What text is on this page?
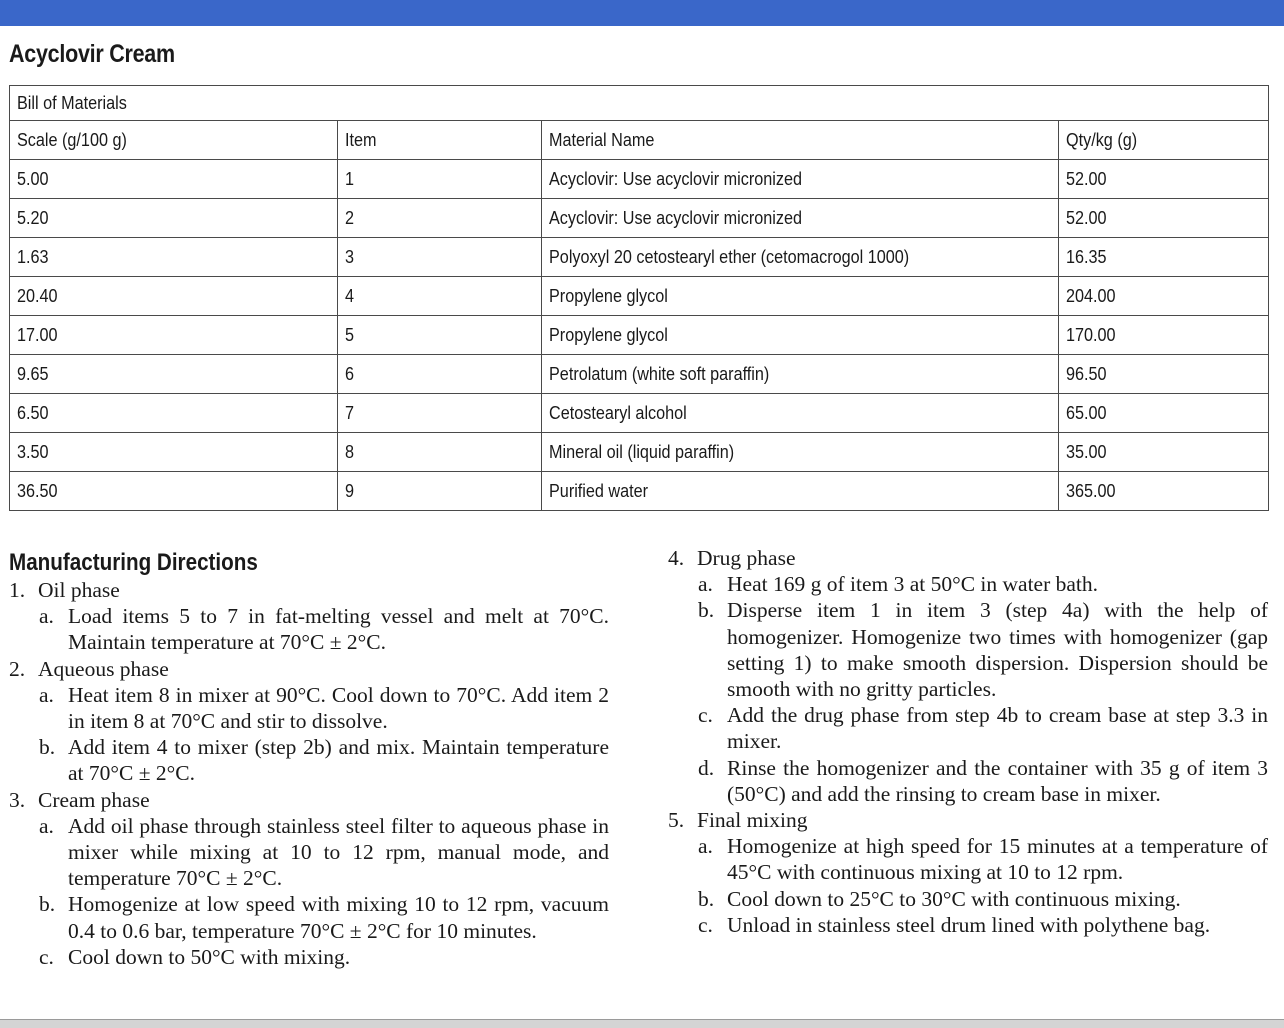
Acyclovir Cream
Bill of Materials			
Scale (g/100 g)	Item	Material Name	Qty/kg (g)
5.00	1	Acyclovir: Use acyclovir micronized	52.00
5.20	2	Acyclovir: Use acyclovir micronized	52.00
1.63	3	Polyoxyl 20 cetostearyl ether (cetomacrogol 1000)	16.35
20.40	4	Propylene glycol	204.00
17.00	5	Propylene glycol	170.00
9.65	6	Petrolatum (white soft paraffin)	96.50
6.50	7	Cetostearyl alcohol	65.00
3.50	8	Mineral oil (liquid paraffin)	35.00
36.50	9	Purified water	365.00
Manufacturing Directions
1. Oil phase
a. Load items 5 to 7 in fat-melting vessel and melt at 70°C. Maintain temperature at 70°C ± 2°C.
2. Aqueous phase
a. Heat item 8 in mixer at 90°C. Cool down to 70°C. Add item 2 in item 8 at 70°C and stir to dissolve.
b. Add item 4 to mixer (step 2b) and mix. Maintain temperature at 70°C ± 2°C.
3. Cream phase
a. Add oil phase through stainless steel filter to aqueous phase in mixer while mixing at 10 to 12 rpm, manual mode, and temperature 70°C ± 2°C.
b. Homogenize at low speed with mixing 10 to 12 rpm, vacuum 0.4 to 0.6 bar, temperature 70°C ± 2°C for 10 minutes.
c. Cool down to 50°C with mixing.
4. Drug phase
a. Heat 169 g of item 3 at 50°C in water bath.
b. Disperse item 1 in item 3 (step 4a) with the help of homogenizer. Homogenize two times with homogenizer (gap setting 1) to make smooth dispersion. Dispersion should be smooth with no gritty particles.
c. Add the drug phase from step 4b to cream base at step 3.3 in mixer.
d. Rinse the homogenizer and the container with 35 g of item 3 (50°C) and add the rinsing to cream base in mixer.
5. Final mixing
a. Homogenize at high speed for 15 minutes at a temperature of 45°C with continuous mixing at 10 to 12 rpm.
b. Cool down to 25°C to 30°C with continuous mixing.
c. Unload in stainless steel drum lined with polythene bag.
